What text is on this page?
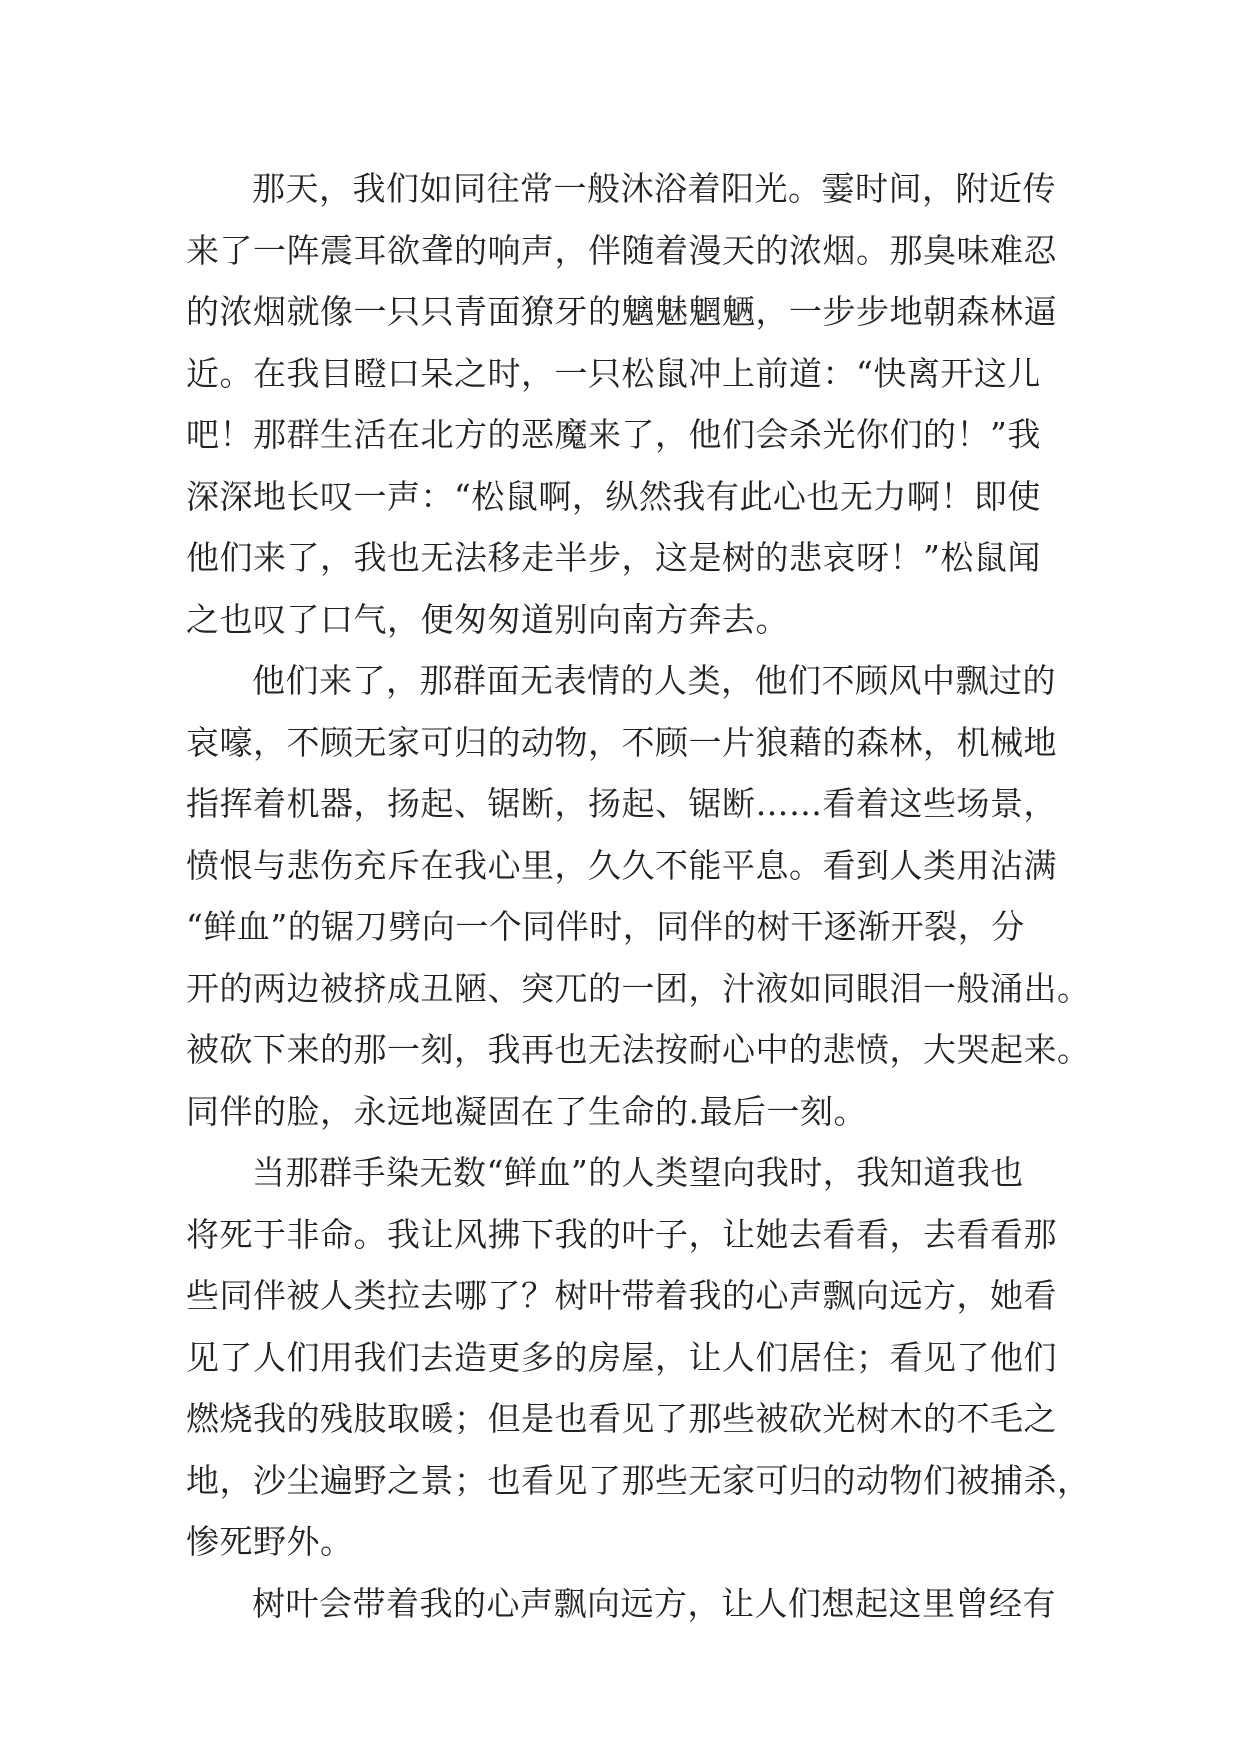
那天，我们如同往常一般沐浴着阳光。霎时间，附近传
来了一阵震耳欲聋的响声，伴随着漫天的浓烟。那臭味难忍
的浓烟就像一只只青面獠牙的魑魅魍魉，一步步地朝森林逼
近。在我目瞪口呆之时，一只松鼠冲上前道：“快离开这儿
吧！那群生活在北方的恶魔来了，他们会杀光你们的！”我
深深地长叹一声：“松鼠啊，纵然我有此心也无力啊！即使
他们来了，我也无法移走半步，这是树的悲哀呀！”松鼠闻
之也叹了口气，便匆匆道别向南方奔去。
他们来了，那群面无表情的人类，他们不顾风中飘过的
哀嚎，不顾无家可归的动物，不顾一片狼藉的森林，机械地
指挥着机器，扬起、锯断，扬起、锯断……看着这些场景，
愤恨与悲伤充斥在我心里，久久不能平息。看到人类用沾满
“鲜血”的锯刀劈向一个同伴时，同伴的树干逐渐开裂，分
开的两边被挤成丑陋、突兀的一团，汁液如同眼泪一般涌出。
被砍下来的那一刻，我再也无法按耐心中的悲愤，大哭起来。
同伴的脸，永远地凝固在了生命的.最后一刻。
当那群手染无数“鲜血”的人类望向我时，我知道我也
将死于非命。我让风拂下我的叶子，让她去看看，去看看那
些同伴被人类拉去哪了？树叶带着我的心声飘向远方，她看
见了人们用我们去造更多的房屋，让人们居住；看见了他们
燃烧我的残肢取暖；但是也看见了那些被砍光树木的不毛之
地，沙尘遍野之景；也看见了那些无家可归的动物们被捕杀，
惨死野外。
树叶会带着我的心声飘向远方，让人们想起这里曾经有
